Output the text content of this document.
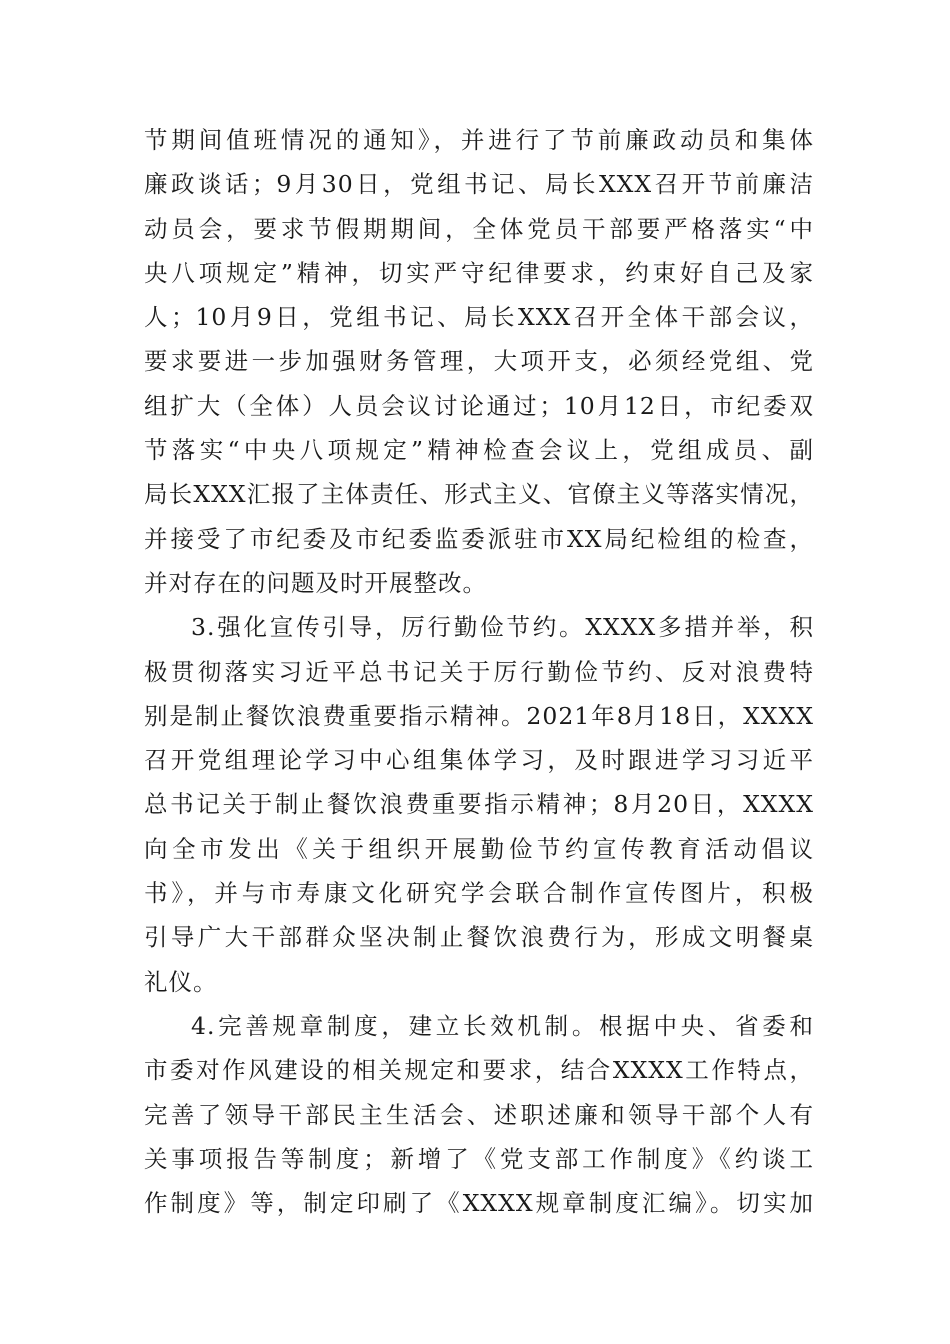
节期间值班情况的通知》，并进行了节前廉政动员和集体
廉政谈话；9月30日，党组书记、局长XXX召开节前廉洁
动员会，要求节假期期间，全体党员干部要严格落实“中
央八项规定”精神，切实严守纪律要求，约束好自己及家
人；10月9日，党组书记、局长XXX召开全体干部会议，
要求要进一步加强财务管理，大项开支，必须经党组、党
组扩大（全体）人员会议讨论通过；10月12日，市纪委双
节落实“中央八项规定”精神检查会议上，党组成员、副
局长XXX汇报了主体责任、形式主义、官僚主义等落实情况，
并接受了市纪委及市纪委监委派驻市XX局纪检组的检查，
并对存在的问题及时开展整改。
3.强化宣传引导，厉行勤俭节约。XXXX多措并举，积
极贯彻落实习近平总书记关于厉行勤俭节约、反对浪费特
别是制止餐饮浪费重要指示精神。2021年8月18日，XXXX
召开党组理论学习中心组集体学习，及时跟进学习习近平
总书记关于制止餐饮浪费重要指示精神；8月20日，XXXX
向全市发出《关于组织开展勤俭节约宣传教育活动倡议
书》，并与市寿康文化研究学会联合制作宣传图片，积极
引导广大干部群众坚决制止餐饮浪费行为，形成文明餐桌
礼仪。
4.完善规章制度，建立长效机制。根据中央、省委和
市委对作风建设的相关规定和要求，结合XXXX工作特点，
完善了领导干部民主生活会、述职述廉和领导干部个人有
关事项报告等制度；新增了《党支部工作制度》《约谈工
作制度》等，制定印刷了《XXXX规章制度汇编》。切实加
